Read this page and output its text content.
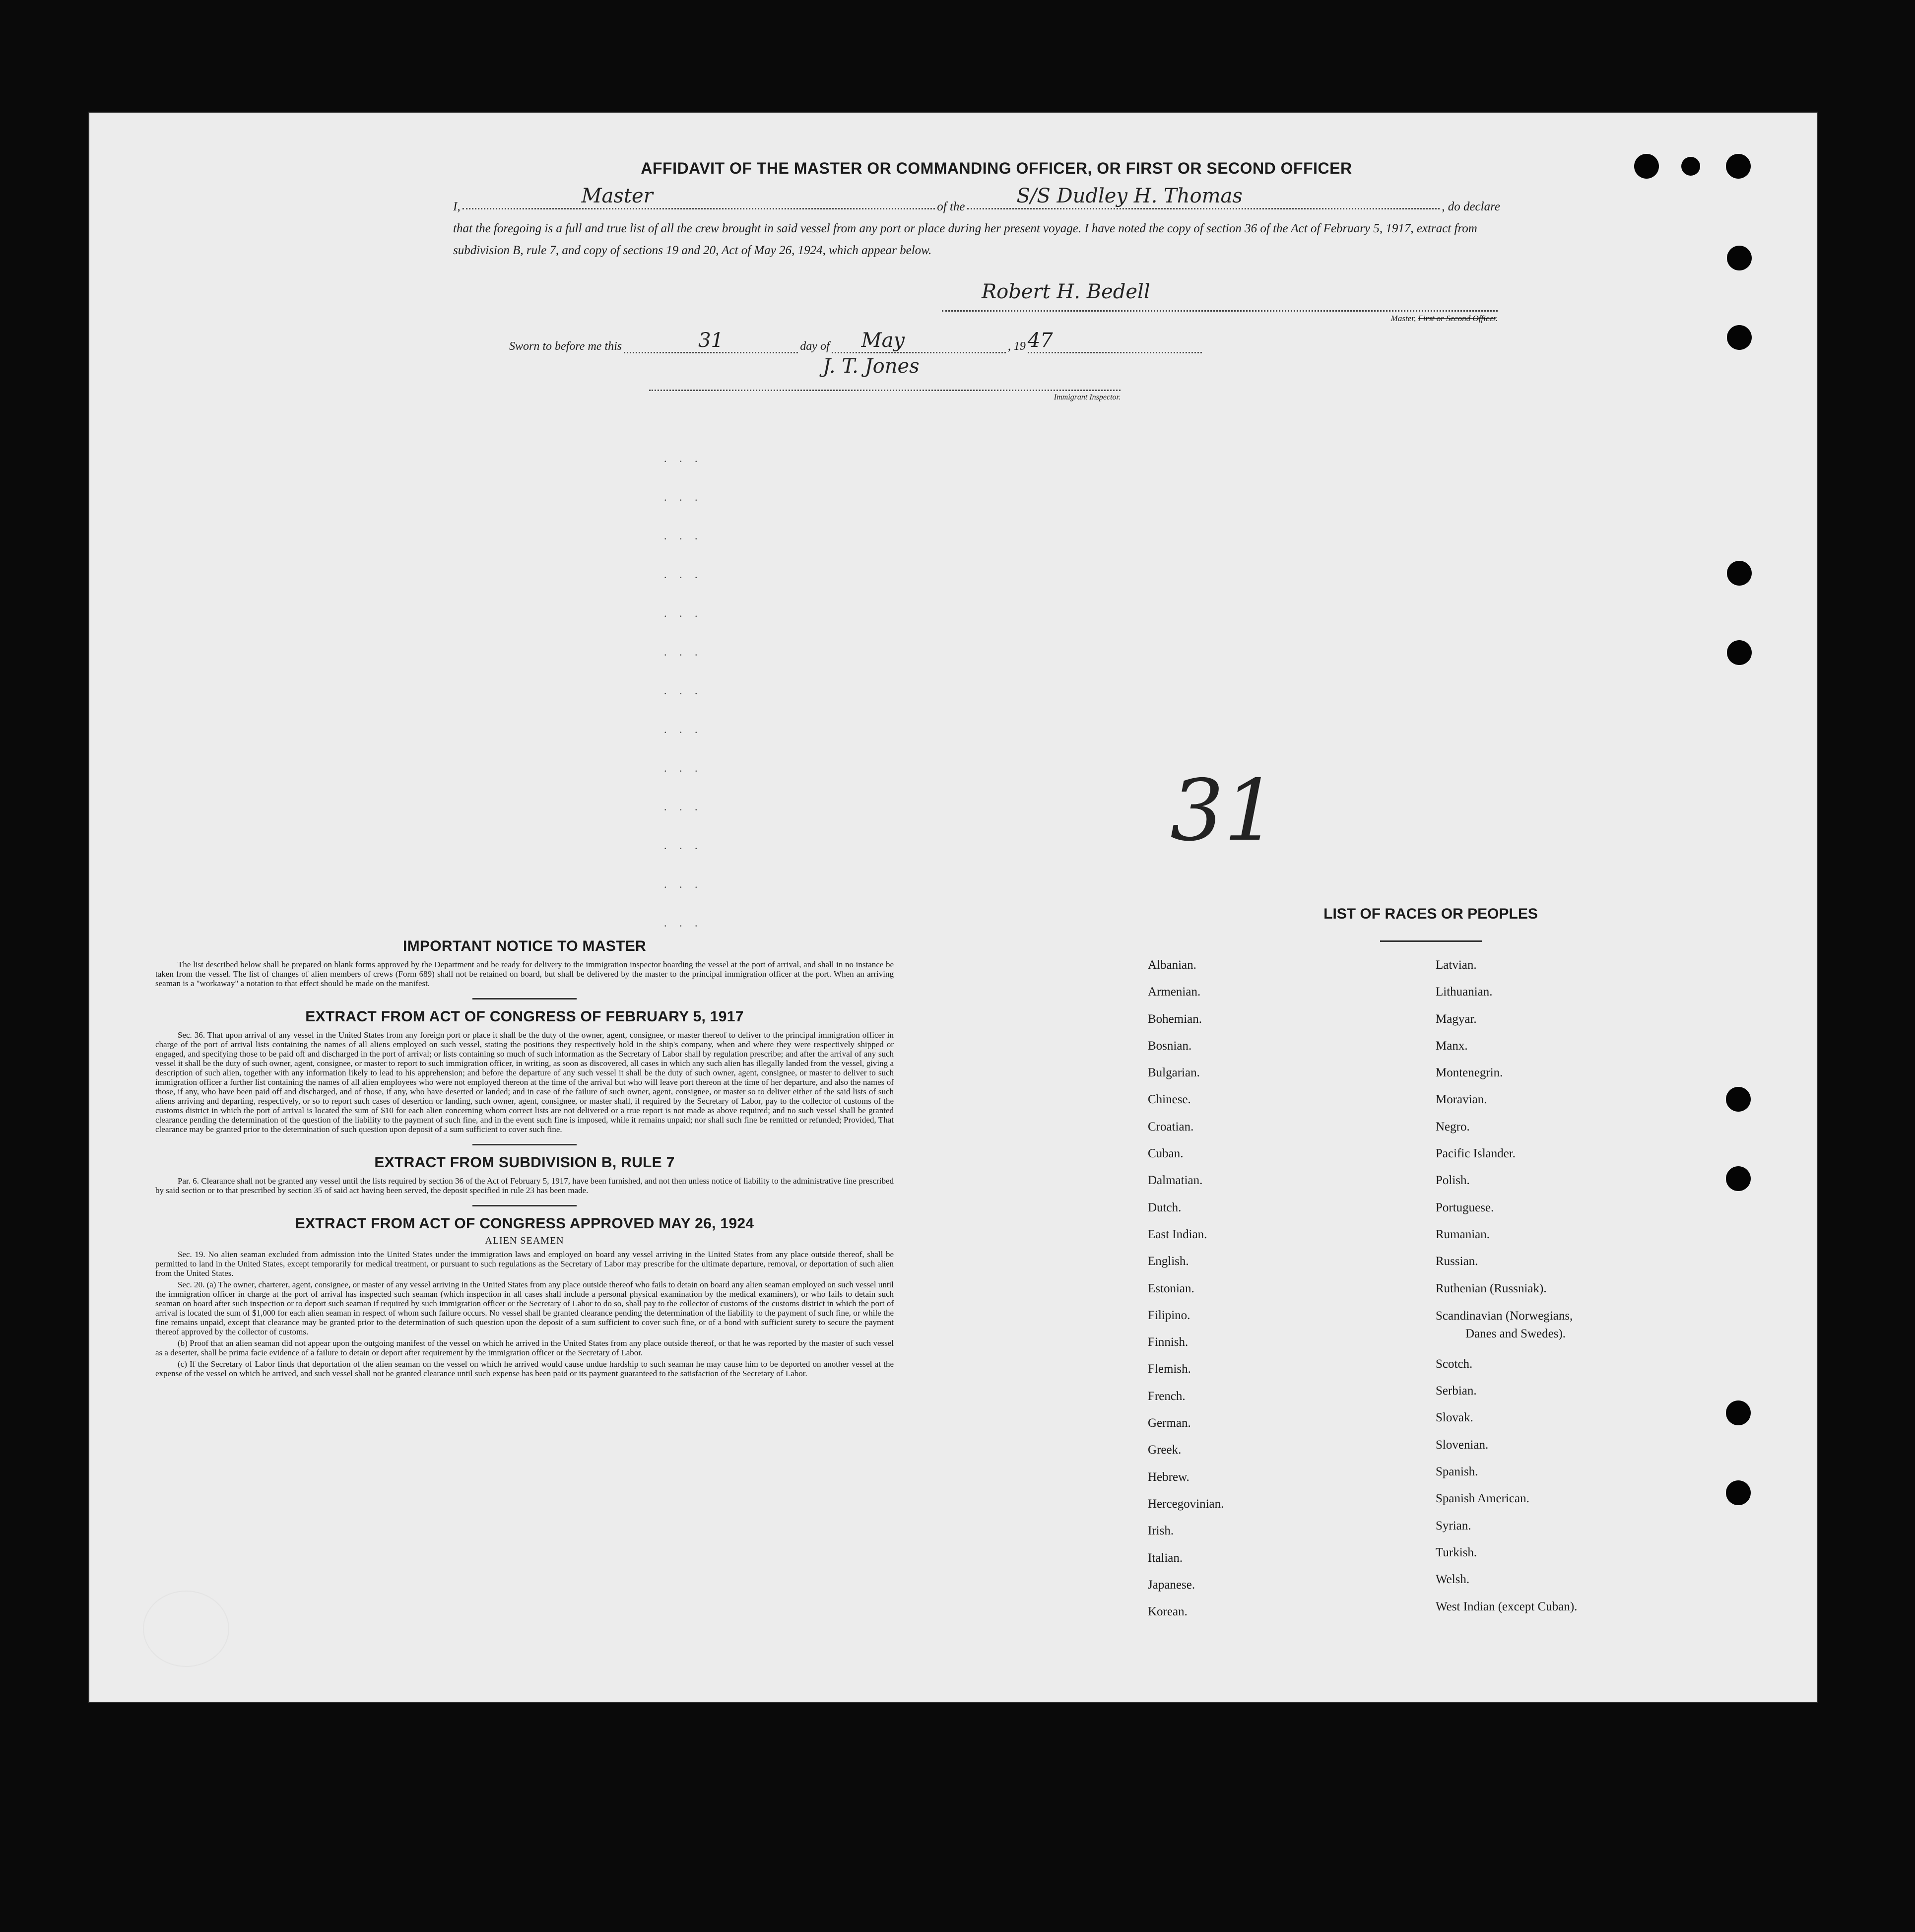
AFFIDAVIT OF THE MASTER OR COMMANDING OFFICER, OR FIRST OR SECOND OFFICER
I,	Master	of the	S/S Dudley H. Thomas	, do declare
that the foregoing is a full and true list of all the crew brought in said vessel from any port or place during her present voyage. I have noted the copy of section 36 of the Act of February 5, 1917, extract from subdivision B, rule 7, and copy of sections 19 and 20, Act of May 26, 1924, which appear below.
Robert H. Bedell
Master, First or Second Officer.
Sworn to before me this	31	day of May	, 19 47
J. T. Jones
Immigrant Inspector.
. . .
. . .
. . .
. . .
. . .
. . .
. . .
. . .
. . .
. . .
. . .
. . .
. . .
31
IMPORTANT NOTICE TO MASTER

The list described below shall be prepared on blank forms approved by the Department and be ready for delivery to the immigration inspector boarding the vessel at the port of arrival, and shall in no instance be taken from the vessel. The list of changes of alien members of crews (Form 689) shall not be retained on board, but shall be delivered by the master to the principal immigration officer at the port. When an arriving seaman is a "workaway" a notation to that effect should be made on the manifest.

EXTRACT FROM ACT OF CONGRESS OF FEBRUARY 5, 1917

Sec. 36. That upon arrival of any vessel in the United States from any foreign port or place it shall be the duty of the owner, agent, consignee, or master thereof to deliver to the principal immigration officer in charge of the port of arrival lists containing the names of all aliens employed on such vessel, stating the positions they respectively hold in the ship's company, when and where they were respectively shipped or engaged, and specifying those to be paid off and discharged in the port of arrival; or lists containing so much of such information as the Secretary of Labor shall by regulation prescribe; and after the arrival of any such vessel it shall be the duty of such owner, agent, consignee, or master to report to such immigration officer, in writing, as soon as discovered, all cases in which any such alien has illegally landed from the vessel, giving a description of such alien, together with any information likely to lead to his apprehension; and before the departure of any such vessel it shall be the duty of such owner, agent, consignee, or master to deliver to such immigration officer a further list containing the names of all alien employees who were not employed thereon at the time of the arrival but who will leave port thereon at the time of her departure, and also the names of those, if any, who have been paid off and discharged, and of those, if any, who have deserted or landed; and in case of the failure of such owner, agent, consignee, or master so to deliver either of the said lists of such aliens arriving and departing, respectively, or so to report such cases of desertion or landing, such owner, agent, consignee, or master shall, if required by the Secretary of Labor, pay to the collector of customs of the customs district in which the port of arrival is located the sum of $10 for each alien concerning whom correct lists are not delivered or a true report is not made as above required; and no such vessel shall be granted clearance pending the determination of the question of the liability to the payment of such fine, and in the event such fine is imposed, while it remains unpaid; nor shall such fine be remitted or refunded; Provided, That clearance may be granted prior to the determination of such question upon deposit of a sum sufficient to cover such fine.

EXTRACT FROM SUBDIVISION B, RULE 7

Par. 6. Clearance shall not be granted any vessel until the lists required by section 36 of the Act of February 5, 1917, have been furnished, and not then unless notice of liability to the administrative fine prescribed by said section or to that prescribed by section 35 of said act having been served, the deposit specified in rule 23 has been made.

EXTRACT FROM ACT OF CONGRESS APPROVED MAY 26, 1924
ALIEN SEAMEN

Sec. 19. No alien seaman excluded from admission into the United States under the immigration laws and employed on board any vessel arriving in the United States from any place outside thereof, shall be permitted to land in the United States, except temporarily for medical treatment, or pursuant to such regulations as the Secretary of Labor may prescribe for the ultimate departure, removal, or deportation of such alien from the United States.

Sec. 20. (a) The owner, charterer, agent, consignee, or master of any vessel arriving in the United States from any place outside thereof who fails to detain on board any alien seaman employed on such vessel until the immigration officer in charge at the port of arrival has inspected such seaman (which inspection in all cases shall include a personal physical examination by the medical examiners), or who fails to detain such seaman on board after such inspection or to deport such seaman if required by such immigration officer or the Secretary of Labor to do so, shall pay to the collector of customs of the customs district in which the port of arrival is located the sum of $1,000 for each alien seaman in respect of whom such failure occurs. No vessel shall be granted clearance pending the determination of the liability to the payment of such fine, or while the fine remains unpaid, except that clearance may be granted prior to the determination of such question upon the deposit of a sum sufficient to cover such fine, or of a bond with sufficient surety to secure the payment thereof approved by the collector of customs.

(b) Proof that an alien seaman did not appear upon the outgoing manifest of the vessel on which he arrived in the United States from any place outside thereof, or that he was reported by the master of such vessel as a deserter, shall be prima facie evidence of a failure to detain or deport after requirement by the immigration officer or the Secretary of Labor.

(c) If the Secretary of Labor finds that deportation of the alien seaman on the vessel on which he arrived would cause undue hardship to such seaman he may cause him to be deported on another vessel at the expense of the vessel on which he arrived, and such vessel shall not be granted clearance until such expense has been paid or its payment guaranteed to the satisfaction of the Secretary of Labor.

LIST OF RACES OR PEOPLES
Albanian.
Armenian.
Bohemian.
Bosnian.
Bulgarian.
Chinese.
Croatian.
Cuban.
Dalmatian.
Dutch.
East Indian.
English.
Estonian.
Filipino.
Finnish.
Flemish.
French.
German.
Greek.
Hebrew.
Hercegovinian.
Irish.
Italian.
Japanese.
Korean.
Latvian.
Lithuanian.
Magyar.
Manx.
Montenegrin.
Moravian.
Negro.
Pacific Islander.
Polish.
Portuguese.
Rumanian.
Russian.
Ruthenian (Russniak).
Scandinavian (Norwegians,
Danes and Swedes).
Scotch.
Serbian.
Slovak.
Slovenian.
Spanish.
Spanish American.
Syrian.
Turkish.
Welsh.
West Indian (except Cuban).
